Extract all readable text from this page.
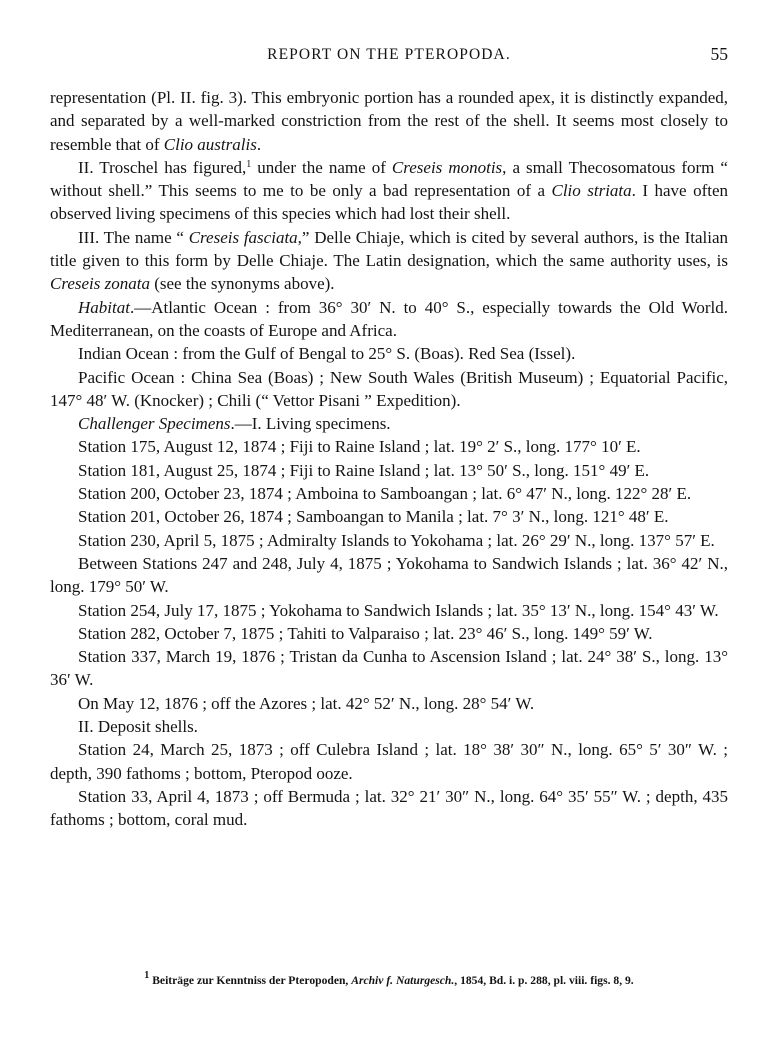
REPORT ON THE PTEROPODA.	55

representation (Pl. II. fig. 3). This embryonic portion has a rounded apex, it is distinctly expanded, and separated by a well-marked constriction from the rest of the shell. It seems most closely to resemble that of Clio australis.

II. Troschel has figured,$^1$ under the name of Creseis monotis, a small Thecosomatous form “ without shell.” This seems to me to be only a bad representation of a Clio striata. I have often observed living specimens of this species which had lost their shell.

III. The name “ Creseis fasciata,” Delle Chiaje, which is cited by several authors, is the Italian title given to this form by Delle Chiaje. The Latin designation, which the same authority uses, is Creseis zonata (see the synonyms above).

Habitat.—Atlantic Ocean : from 36° 30′ N. to 40° S., especially towards the Old World. Mediterranean, on the coasts of Europe and Africa.

Indian Ocean : from the Gulf of Bengal to 25° S. (Boas). Red Sea (Issel).

Pacific Ocean : China Sea (Boas) ; New South Wales (British Museum) ; Equatorial Pacific, 147° 48′ W. (Knocker) ; Chili (“ Vettor Pisani ” Expedition).

Challenger Specimens.—I. Living specimens.

Station 175, August 12, 1874 ; Fiji to Raine Island ; lat. 19° 2′ S., long. 177° 10′ E.

Station 181, August 25, 1874 ; Fiji to Raine Island ; lat. 13° 50′ S., long. 151° 49′ E.

Station 200, October 23, 1874 ; Amboina to Samboangan ; lat. 6° 47′ N., long. 122° 28′ E.

Station 201, October 26, 1874 ; Samboangan to Manila ; lat. 7° 3′ N., long. 121° 48′ E.

Station 230, April 5, 1875 ; Admiralty Islands to Yokohama ; lat. 26° 29′ N., long. 137° 57′ E.

Between Stations 247 and 248, July 4, 1875 ; Yokohama to Sandwich Islands ; lat. 36° 42′ N., long. 179° 50′ W.

Station 254, July 17, 1875 ; Yokohama to Sandwich Islands ; lat. 35° 13′ N., long. 154° 43′ W.

Station 282, October 7, 1875 ; Tahiti to Valparaiso ; lat. 23° 46′ S., long. 149° 59′ W.

Station 337, March 19, 1876 ; Tristan da Cunha to Ascension Island ; lat. 24° 38′ S., long. 13° 36′ W.

On May 12, 1876 ; off the Azores ; lat. 42° 52′ N., long. 28° 54′ W.

II. Deposit shells.

Station 24, March 25, 1873 ; off Culebra Island ; lat. 18° 38′ 30″ N., long. 65° 5′ 30″ W. ; depth, 390 fathoms ; bottom, Pteropod ooze.

Station 33, April 4, 1873 ; off Bermuda ; lat. 32° 21′ 30″ N., long. 64° 35′ 55″ W. ; depth, 435 fathoms ; bottom, coral mud.

$^1$ Beiträge zur Kenntniss der Pteropoden, Archiv f. Naturgesch., 1854, Bd. i. p. 288, pl. viii. figs. 8, 9.
